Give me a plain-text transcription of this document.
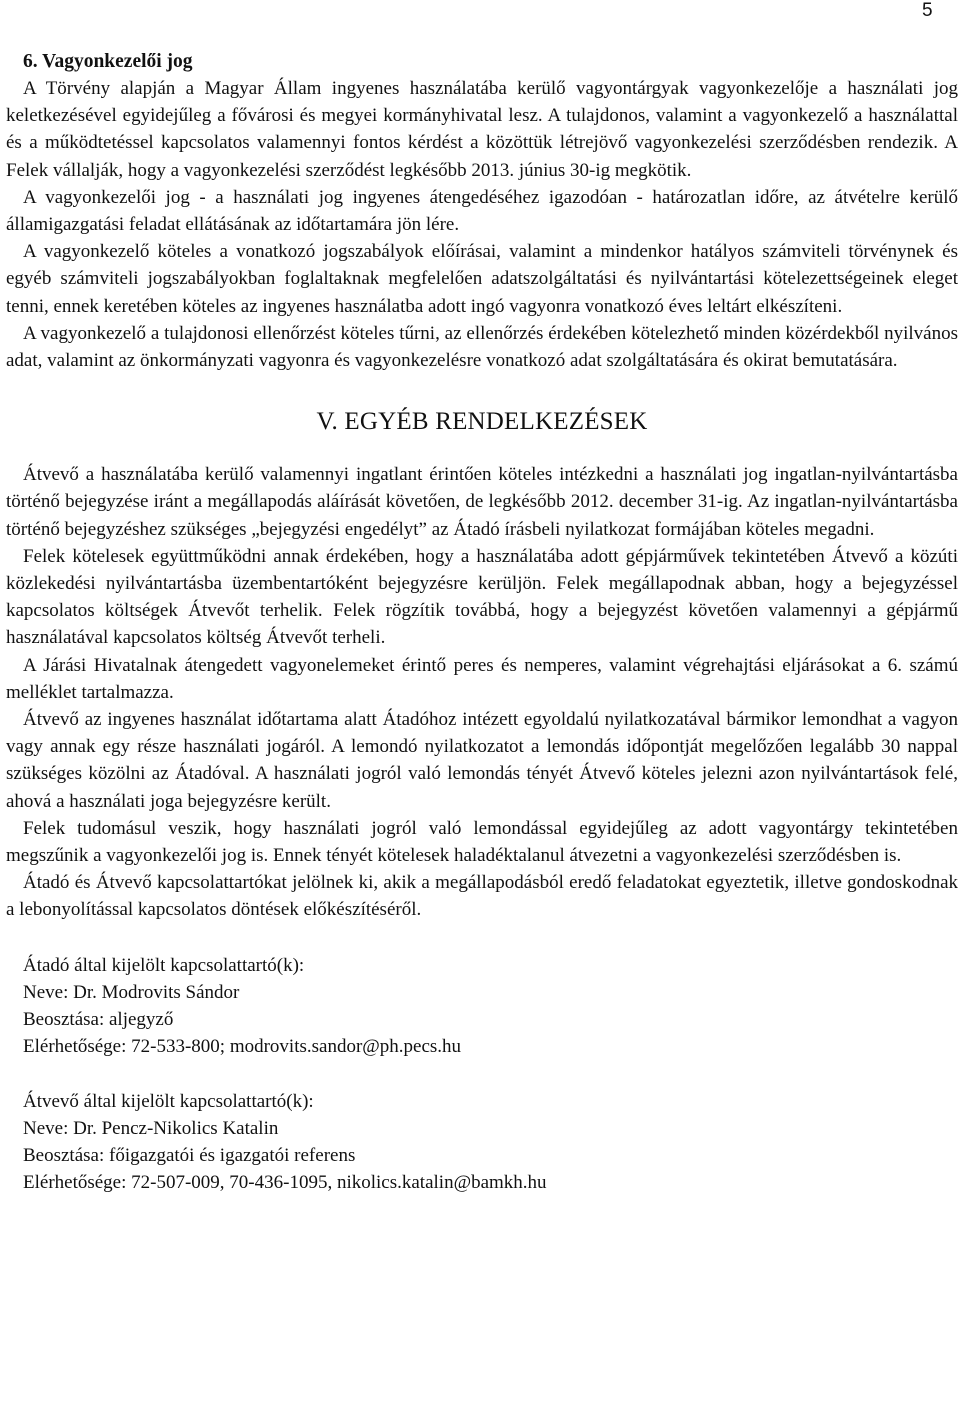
5
6. Vagyonkezelői jog

A Törvény alapján a Magyar Állam ingyenes használatába kerülő vagyontárgyak vagyonkezelője a használati jog keletkezésével egyidejűleg a fővárosi és megyei kormányhivatal lesz. A tulajdonos, valamint a vagyonkezelő a használattal és a működtetéssel kapcsolatos valamennyi fontos kérdést a közöttük létrejövő vagyonkezelési szerződésben rendezik. A Felek vállalják, hogy a vagyonkezelési szerződést legkésőbb 2013. június 30-ig megkötik.

A vagyonkezelői jog - a használati jog ingyenes átengedéséhez igazodóan - határozatlan időre, az átvételre kerülő államigazgatási feladat ellátásának az időtartamára jön lére.

A vagyonkezelő köteles a vonatkozó jogszabályok előírásai, valamint a mindenkor hatályos számviteli törvénynek és egyéb számviteli jogszabályokban foglaltaknak megfelelően adatszolgáltatási és nyilvántartási kötelezettségeinek eleget tenni, ennek keretében köteles az ingyenes használatba adott ingó vagyonra vonatkozó éves leltárt elkészíteni.

A vagyonkezelő a tulajdonosi ellenőrzést köteles tűrni, az ellenőrzés érdekében kötelezhető minden közérdekből nyilvános adat, valamint az önkormányzati vagyonra és vagyonkezelésre vonatkozó adat szolgáltatására és okirat bemutatására.

V. EGYÉB RENDELKEZÉSEK

Átvevő a használatába kerülő valamennyi ingatlant érintően köteles intézkedni a használati jog ingatlan-nyilvántartásba történő bejegyzése iránt a megállapodás aláírását követően, de legkésőbb 2012. december 31-ig. Az ingatlan-nyilvántartásba történő bejegyzéshez szükséges „bejegyzési engedélyt” az Átadó írásbeli nyilatkozat formájában köteles megadni.

Felek kötelesek együttműködni annak érdekében, hogy a használatába adott gépjárművek tekintetében Átvevő a közúti közlekedési nyilvántartásba üzembentartóként bejegyzésre kerüljön. Felek megállapodnak abban, hogy a bejegyzéssel kapcsolatos költségek Átvevőt terhelik. Felek rögzítik továbbá, hogy a bejegyzést követően valamennyi a gépjármű használatával kapcsolatos költség Átvevőt terheli.

A Járási Hivatalnak átengedett vagyonelemeket érintő peres és nemperes, valamint végrehajtási eljárásokat a 6. számú melléklet tartalmazza.

Átvevő az ingyenes használat időtartama alatt Átadóhoz intézett egyoldalú nyilatkozatával bármikor lemondhat a vagyon vagy annak egy része használati jogáról. A lemondó nyilatkozatot a lemondás időpontját megelőzően legalább 30 nappal szükséges közölni az Átadóval. A használati jogról való lemondás tényét Átvevő köteles jelezni azon nyilvántartások felé, ahová a használati joga bejegyzésre került.

Felek tudomásul veszik, hogy használati jogról való lemondással egyidejűleg az adott vagyontárgy tekintetében megszűnik a vagyonkezelői jog is. Ennek tényét kötelesek haladéktalanul átvezetni a vagyonkezelési szerződésben is.

Átadó és Átvevő kapcsolattartókat jelölnek ki, akik a megállapodásból eredő feladatokat egyeztetik, illetve gondoskodnak a lebonyolítással kapcsolatos döntések előkészítéséről.

Átadó által kijelölt kapcsolattartó(k):
Neve: Dr. Modrovits Sándor
Beosztása: aljegyző
Elérhetősége: 72-533-800; modrovits.sandor@ph.pecs.hu
Átvevő által kijelölt kapcsolattartó(k):
Neve: Dr. Pencz-Nikolics Katalin
Beosztása: főigazgatói és igazgatói referens
Elérhetősége: 72-507-009, 70-436-1095, nikolics.katalin@bamkh.hu
